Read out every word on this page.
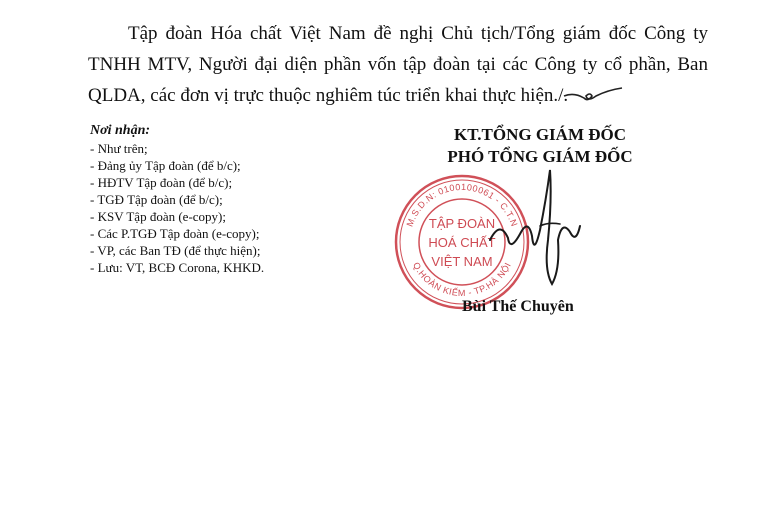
Tập đoàn Hóa chất Việt Nam đề nghị Chủ tịch/Tổng giám đốc Công ty TNHH MTV, Người đại diện phần vốn tập đoàn tại các Công ty cổ phần, Ban QLDA, các đơn vị trực thuộc nghiêm túc triển khai thực hiện./.

Nơi nhận:
- Như trên;
- Đảng ủy Tập đoàn (để b/c);
- HĐTV Tập đoàn (để b/c);
- TGĐ Tập đoàn (để b/c);
- KSV Tập đoàn (e-copy);
- Các P.TGĐ Tập đoàn (e-copy);
- VP, các Ban TĐ (để thực hiện);
- Lưu: VT, BCĐ Corona, KHKD.
KT.TỔNG GIÁM ĐỐC
PHÓ TỔNG GIÁM ĐỐC
M.S.D.N: 0100100061 - C.T.N
Q.HOÀN KIẾM - TP.HÀ NỘI
TẬP ĐOÀN
HOÁ CHẤT
VIỆT NAM
Bùi Thế Chuyên
